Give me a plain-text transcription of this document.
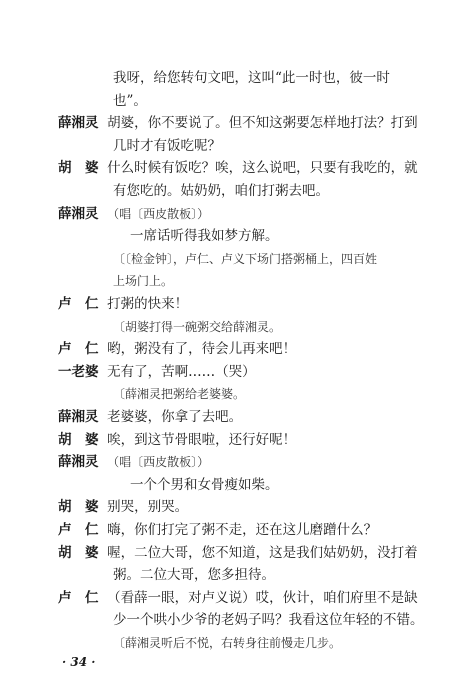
我呀，给您转句文吧，这叫“此一时也，彼一时
也”。
薛湘灵 胡婆，你不要说了。但不知这粥要怎样地打法？打到
几时才有饭吃呢？
胡　婆 什么时候有饭吃？唉，这么说吧，只要有我吃的，就
有您吃的。姑奶奶，咱们打粥去吧。
薛湘灵 （唱〔西皮散板〕）
一席话听得我如梦方解。
〔〔检金钟〕，卢仁、卢义下场门搭粥桶上，四百姓
上场门上。
卢　仁 打粥的快来！
〔胡婆打得一碗粥交给薛湘灵。
卢　仁 哟，粥没有了，待会儿再来吧！
一老婆 无有了，苦啊……（哭）
〔薛湘灵把粥给老婆婆。
薛湘灵 老婆婆，你拿了去吧。
胡　婆 唉，到这节骨眼啦，还行好呢！
薛湘灵 （唱〔西皮散板〕）
一个个男和女骨瘦如柴。
胡　婆 别哭，别哭。
卢　仁 嗨，你们打完了粥不走，还在这儿磨蹭什么？
胡　婆 喔，二位大哥，您不知道，这是我们姑奶奶，没打着
粥。二位大哥，您多担待。
卢　仁 （看薛一眼，对卢义说）哎，伙计，咱们府里不是缺
少一个哄小少爷的老妈子吗？我看这位年轻的不错。
〔薛湘灵听后不悦，右转身往前慢走几步。
· 34 ·
